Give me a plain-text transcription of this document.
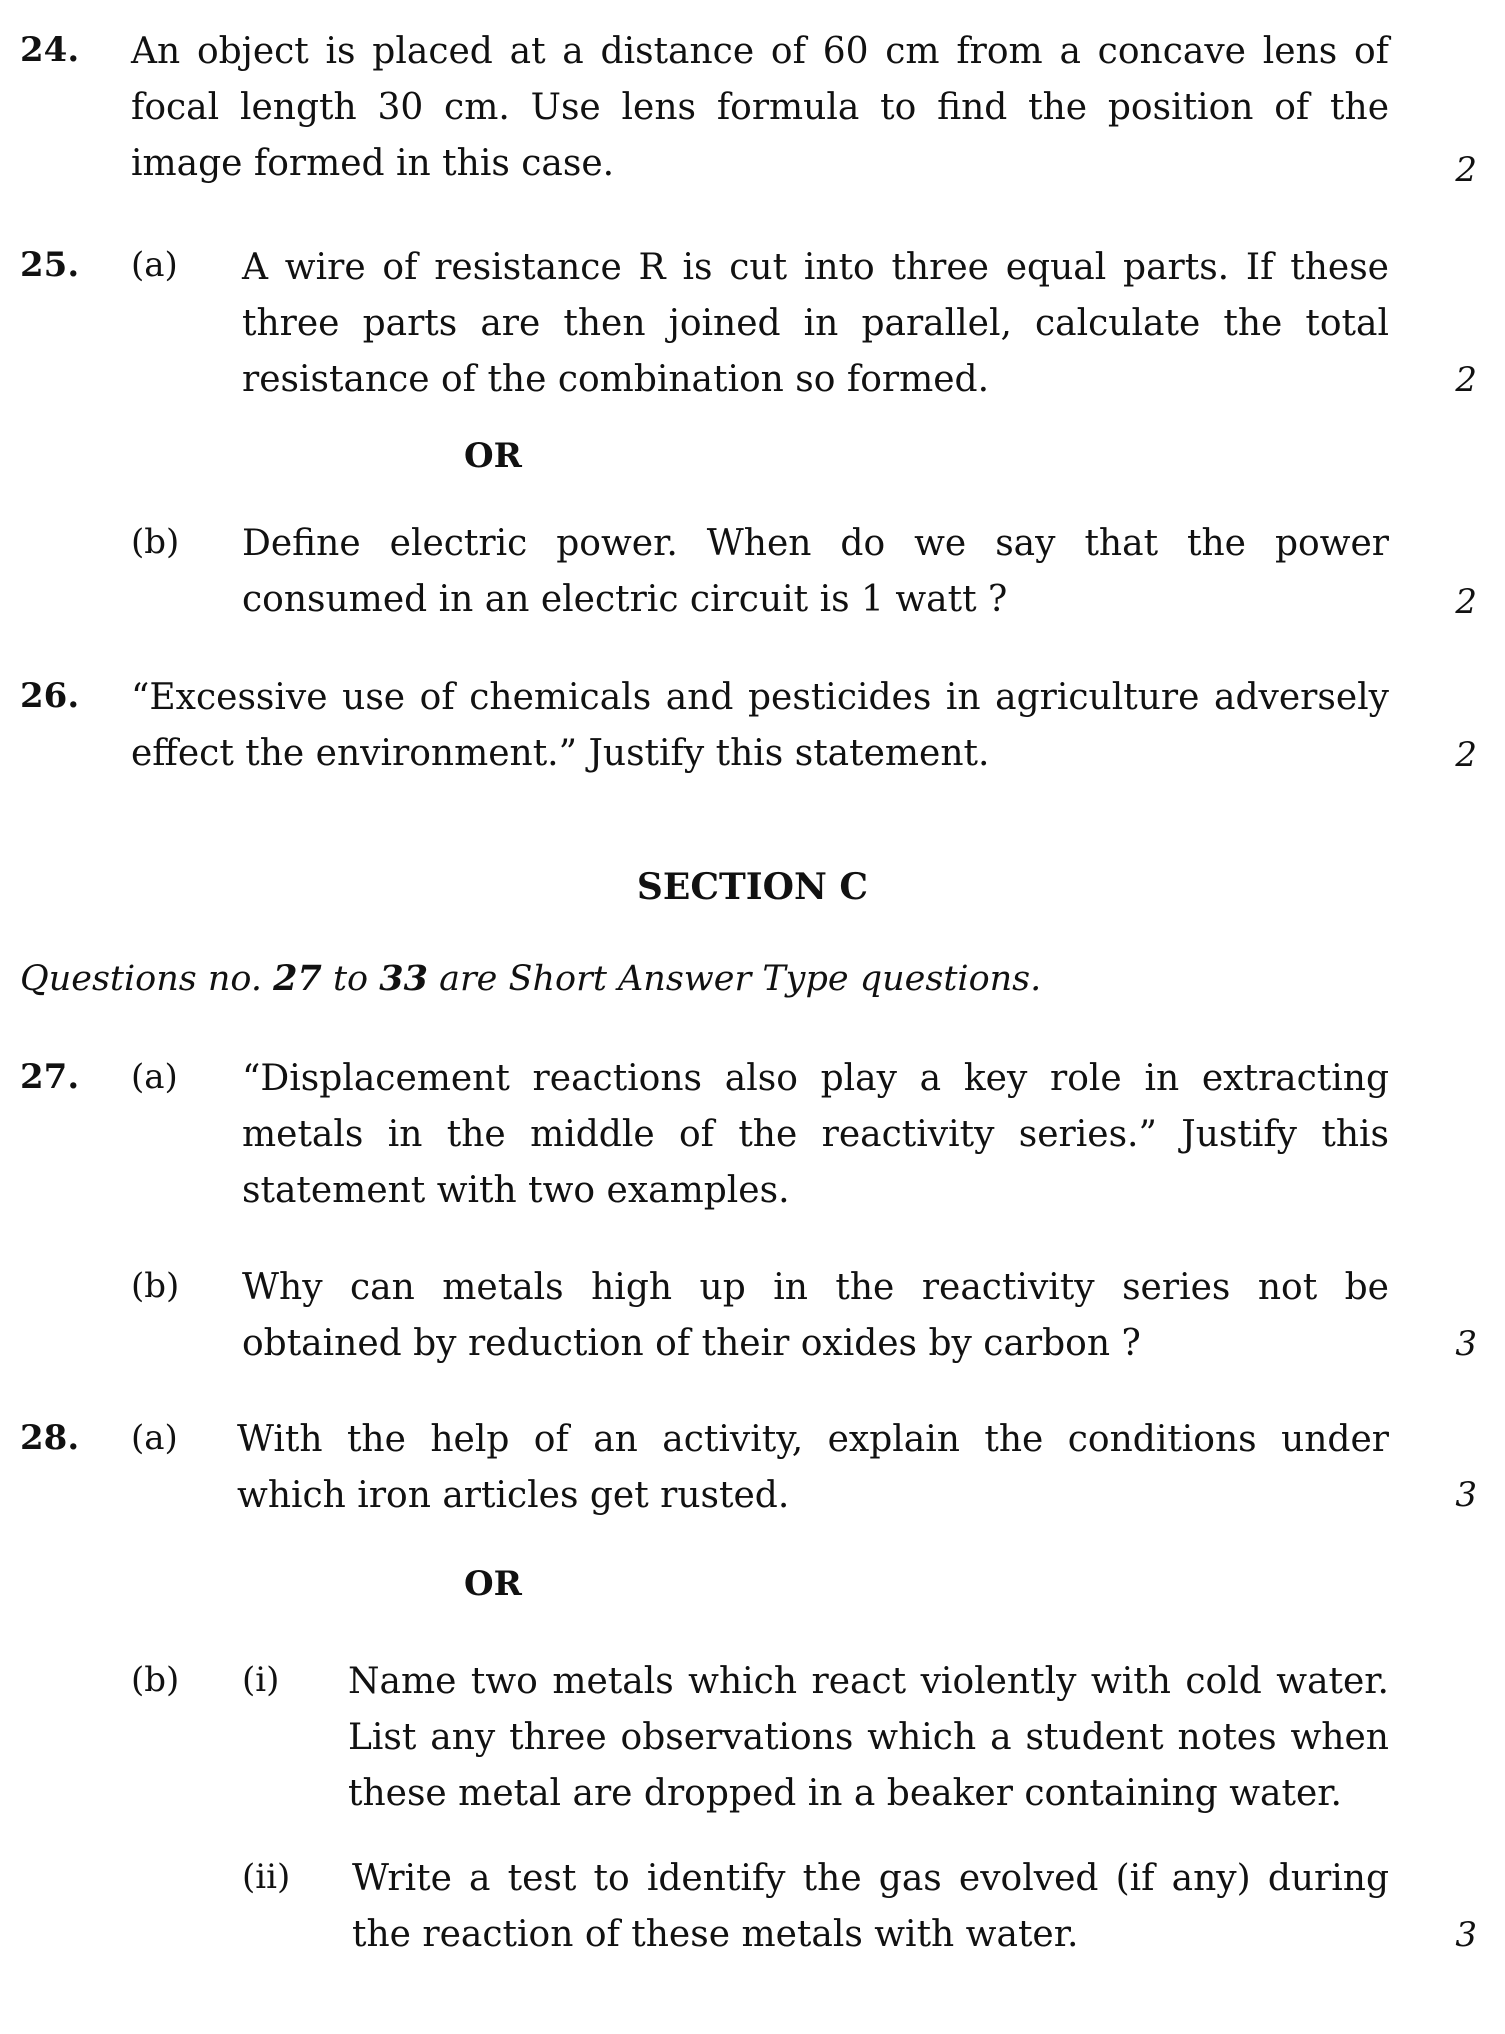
24. An object is placed at a distance of 60 cm from a concave lens of focal length 30 cm. Use lens formula to find the position of the image formed in this case.	2
25. (a) A wire of resistance R is cut into three equal parts. If these three parts are then joined in parallel, calculate the total resistance of the combination so formed.	2
OR
(b) Define electric power. When do we say that the power consumed in an electric circuit is 1 watt ?	2
26. “Excessive use of chemicals and pesticides in agriculture adversely effect the environment.” Justify this statement.	2
SECTION C
Questions no. 27 to 33 are Short Answer Type questions.
27. (a) “Displacement reactions also play a key role in extracting metals in the middle of the reactivity series.” Justify this statement with two examples.
(b) Why can metals high up in the reactivity series not be obtained by reduction of their oxides by carbon ?	3
28. (a) With the help of an activity, explain the conditions under which iron articles get rusted.	3
OR
(b) (i) Name two metals which react violently with cold water. List any three observations which a student notes when these metal are dropped in a beaker containing water.
(ii) Write a test to identify the gas evolved (if any) during the reaction of these metals with water.	3
